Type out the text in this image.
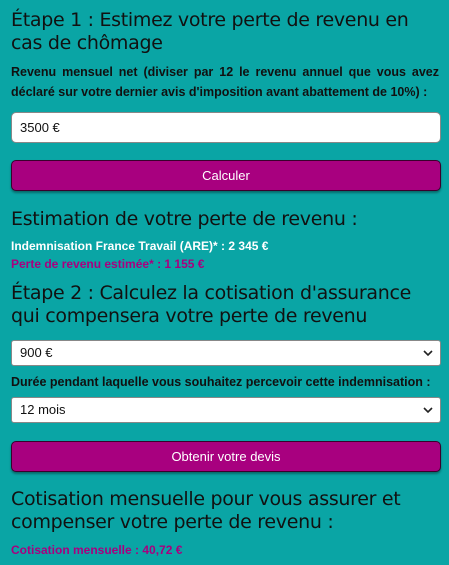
Étape 1 : Estimez votre perte de revenu en cas de chômage
Revenu mensuel net (diviser par 12 le revenu annuel que vous avez déclaré sur votre dernier avis d'imposition avant abattement de 10%) :
3500 €
Calculer
Estimation de votre perte de revenu :
Indemnisation France Travail (ARE)* : 2 345 €
Perte de revenu estimée* : 1 155 €
Étape 2 : Calculez la cotisation d'assurance qui compensera votre perte de revenu
900 €
Durée pendant laquelle vous souhaitez percevoir cette indemnisation :
12 mois
Obtenir votre devis
Cotisation mensuelle pour vous assurer et compenser votre perte de revenu :
Cotisation mensuelle : 40,72 €
